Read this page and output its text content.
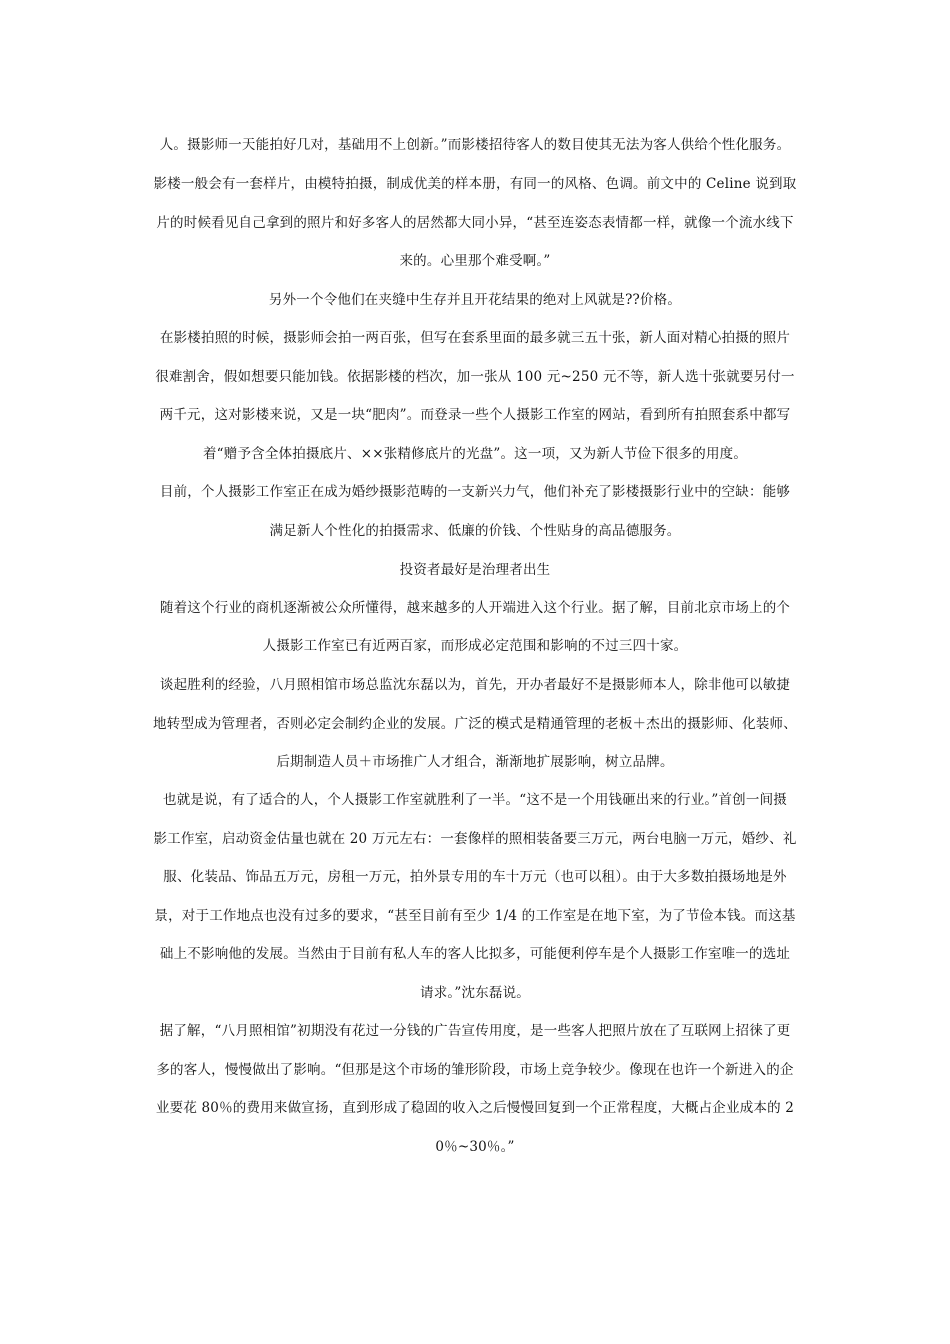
人。摄影师一天能拍好几对，基础用不上创新。”而影楼招待客人的数目使其无法为客人供给个性化服务。
影楼一般会有一套样片，由模特拍摄，制成优美的样本册，有同一的风格、色调。前文中的 Celine 说到取
片的时候看见自己拿到的照片和好多客人的居然都大同小异，“甚至连姿态表情都一样，就像一个流水线下
来的。心里那个难受啊。”
另外一个令他们在夹缝中生存并且开花结果的绝对上风就是??价格。
在影楼拍照的时候，摄影师会拍一两百张，但写在套系里面的最多就三五十张，新人面对精心拍摄的照片
很难割舍，假如想要只能加钱。依据影楼的档次，加一张从 100 元~250 元不等，新人选十张就要另付一
两千元，这对影楼来说，又是一块“肥肉”。而登录一些个人摄影工作室的网站，看到所有拍照套系中都写
着“赠予含全体拍摄底片、××张精修底片的光盘”。这一项，又为新人节俭下很多的用度。
目前，个人摄影工作室正在成为婚纱摄影范畴的一支新兴力气，他们补充了影楼摄影行业中的空缺：能够
满足新人个性化的拍摄需求、低廉的价钱、个性贴身的高品德服务。
投资者最好是治理者出生
随着这个行业的商机逐渐被公众所懂得，越来越多的人开端进入这个行业。据了解，目前北京市场上的个
人摄影工作室已有近两百家，而形成必定范围和影响的不过三四十家。
谈起胜利的经验，八月照相馆市场总监沈东磊以为，首先，开办者最好不是摄影师本人，除非他可以敏捷
地转型成为管理者，否则必定会制约企业的发展。广泛的模式是精通管理的老板＋杰出的摄影师、化装师、
后期制造人员＋市场推广人才组合，渐渐地扩展影响，树立品牌。
也就是说，有了适合的人，个人摄影工作室就胜利了一半。“这不是一个用钱砸出来的行业。”首创一间摄
影工作室，启动资金估量也就在 20 万元左右：一套像样的照相装备要三万元，两台电脑一万元，婚纱、礼
服、化装品、饰品五万元，房租一万元，拍外景专用的车十万元（也可以租）。由于大多数拍摄场地是外
景，对于工作地点也没有过多的要求，“甚至目前有至少 1/4 的工作室是在地下室，为了节俭本钱。而这基
础上不影响他的发展。当然由于目前有私人车的客人比拟多，可能便利停车是个人摄影工作室唯一的选址
请求。”沈东磊说。
据了解，“八月照相馆”初期没有花过一分钱的广告宣传用度，是一些客人把照片放在了互联网上招徕了更
多的客人，慢慢做出了影响。“但那是这个市场的雏形阶段，市场上竞争较少。像现在也许一个新进入的企
业要花 80％的费用来做宣扬，直到形成了稳固的收入之后慢慢回复到一个正常程度，大概占企业成本的 2
0％~30％。”
